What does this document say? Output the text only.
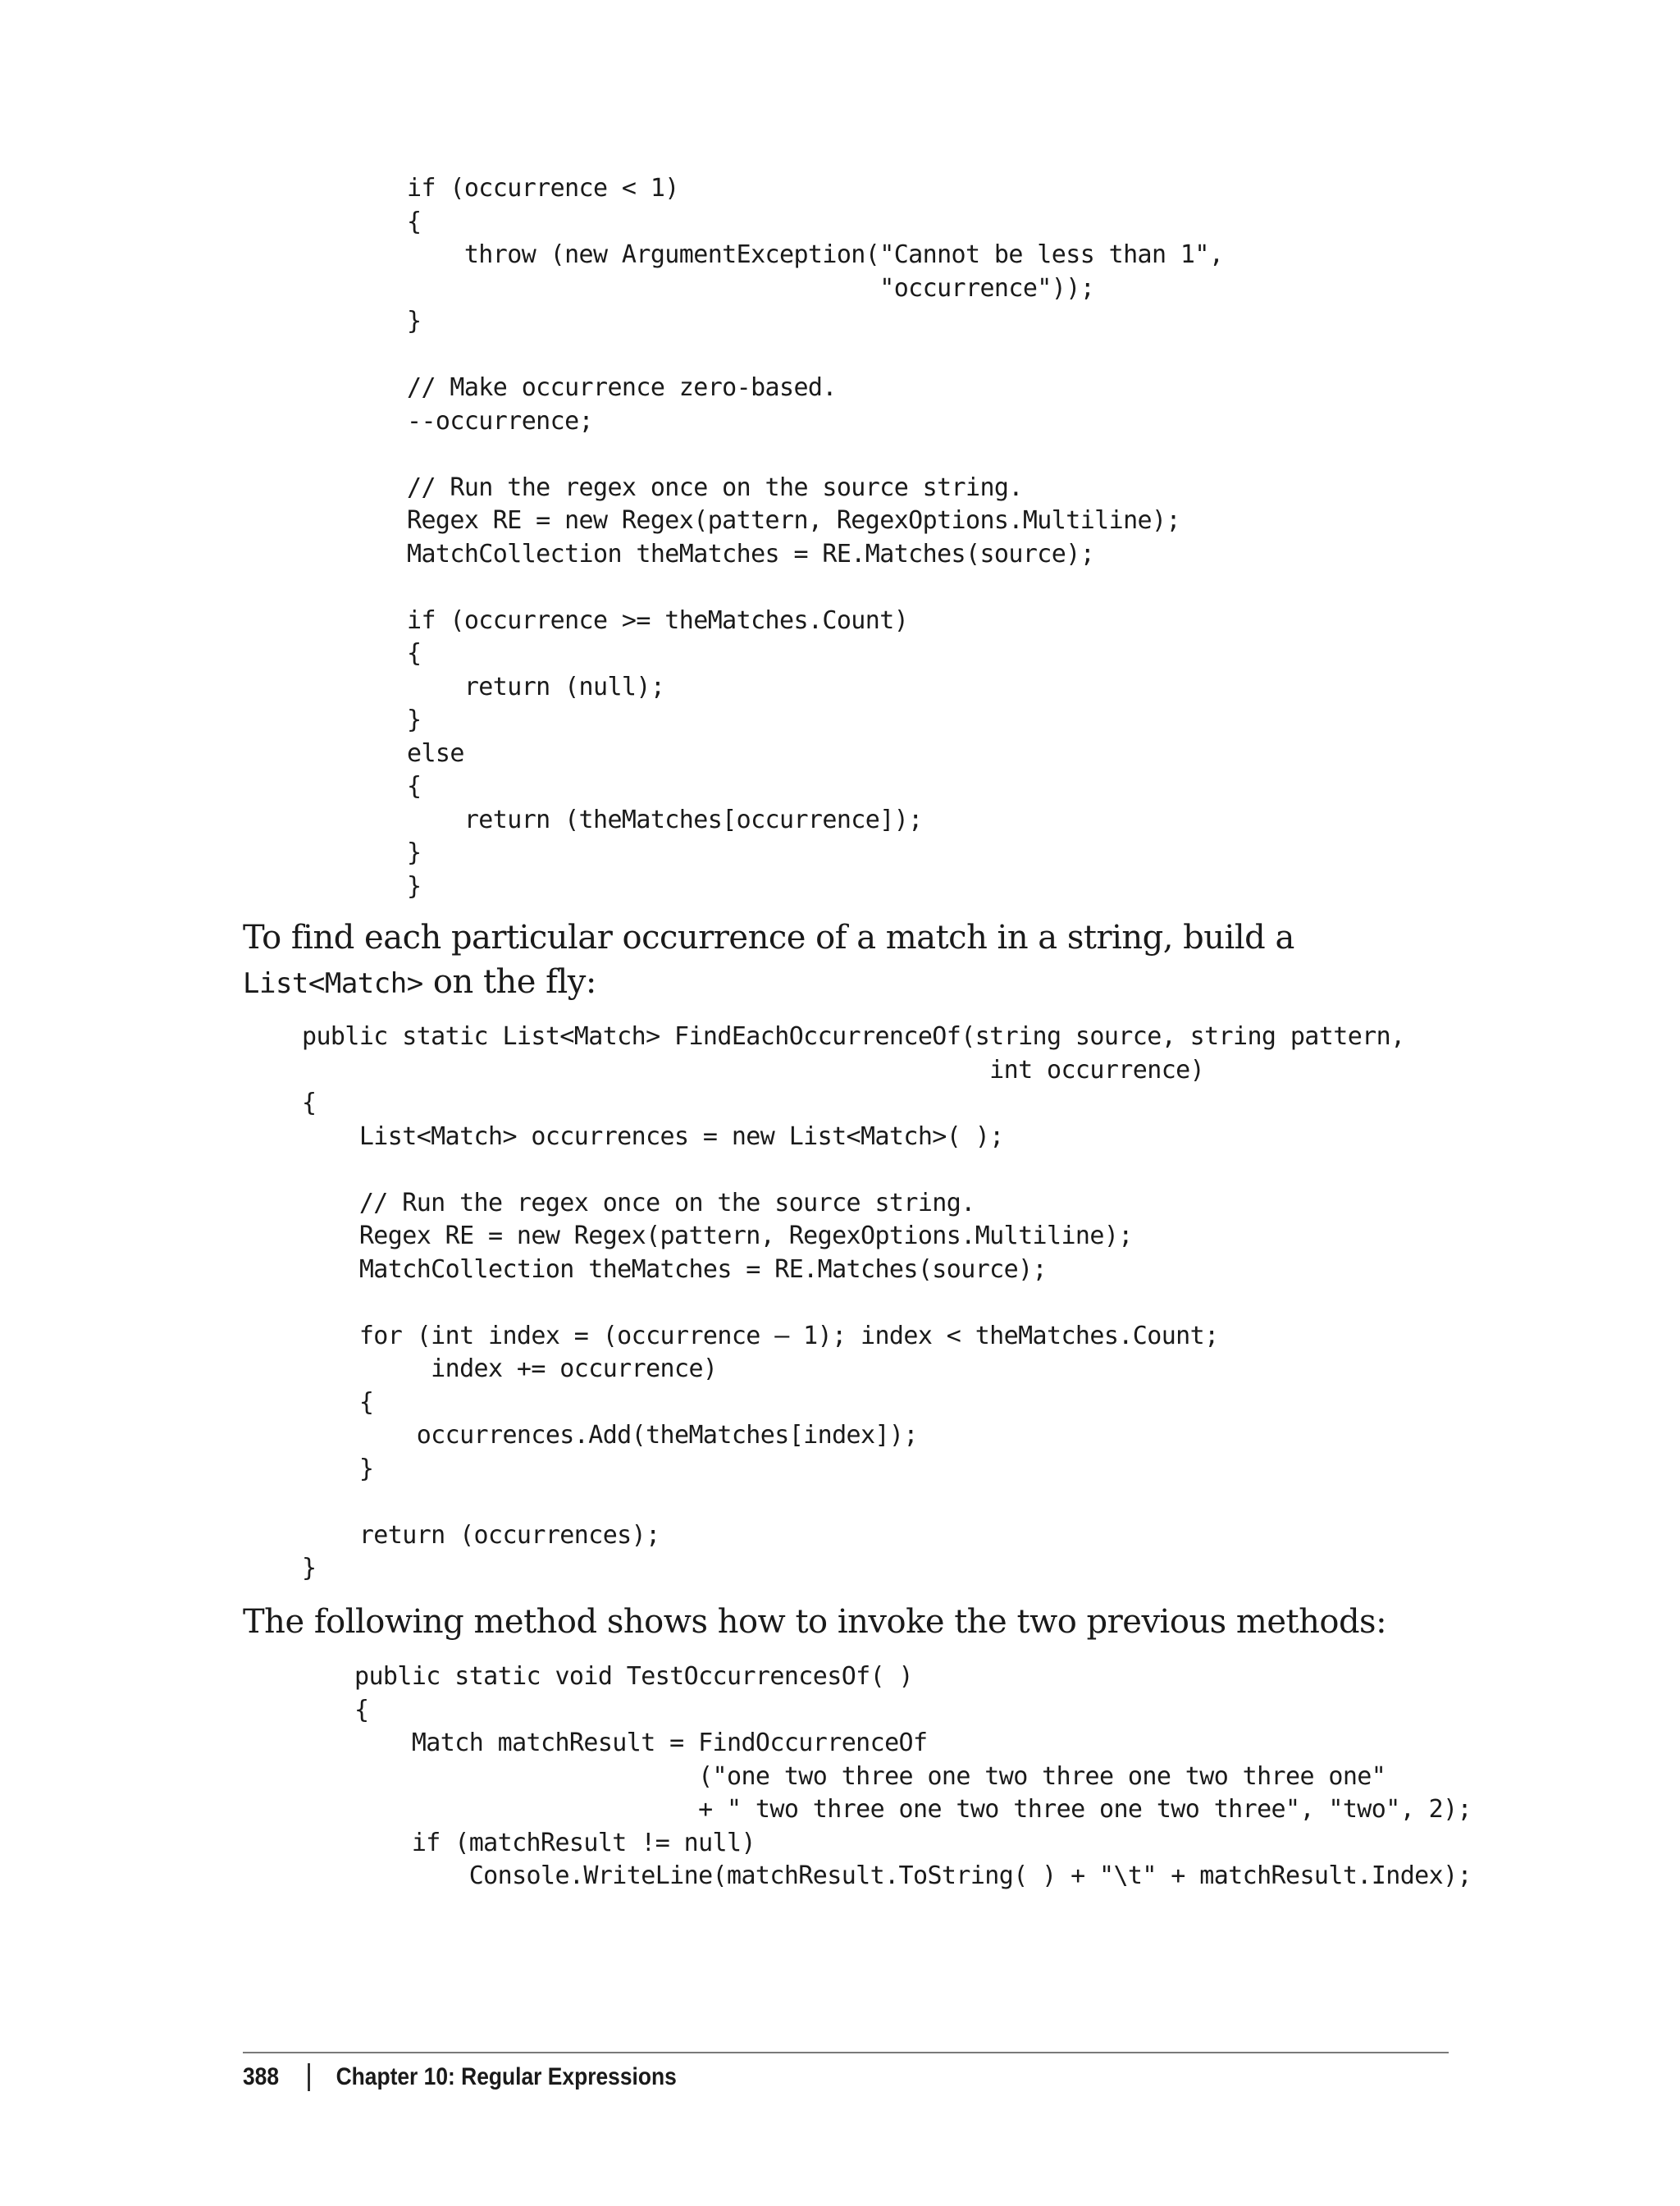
if (occurrence < 1)
{
throw (new ArgumentException("Cannot be less than 1",
"occurrence"));
}

// Make occurrence zero-based.
--occurrence;

// Run the regex once on the source string.
Regex RE = new Regex(pattern, RegexOptions.Multiline);
MatchCollection theMatches = RE.Matches(source);

if (occurrence >= theMatches.Count)
{
return (null);
}
else
{
return (theMatches[occurrence]);
}
}

To find each particular occurrence of a match in a string, build a List<Match> on the fly:

public static List<Match> FindEachOccurrenceOf(string source, string pattern,
int occurrence)
{
List<Match> occurrences = new List<Match>( );

// Run the regex once on the source string.
Regex RE = new Regex(pattern, RegexOptions.Multiline);
MatchCollection theMatches = RE.Matches(source);

for (int index = (occurrence – 1); index < theMatches.Count;
index += occurrence)
{
occurrences.Add(theMatches[index]);
}

return (occurrences);
}

The following method shows how to invoke the two previous methods:

public static void TestOccurrencesOf( )
{
Match matchResult = FindOccurrenceOf
("one two three one two three one two three one"
+ " two three one two three one two three", "two", 2);
if (matchResult != null)
Console.WriteLine(matchResult.ToString( ) + "\t" + matchResult.Index);
388 Chapter 10: Regular Expressions
